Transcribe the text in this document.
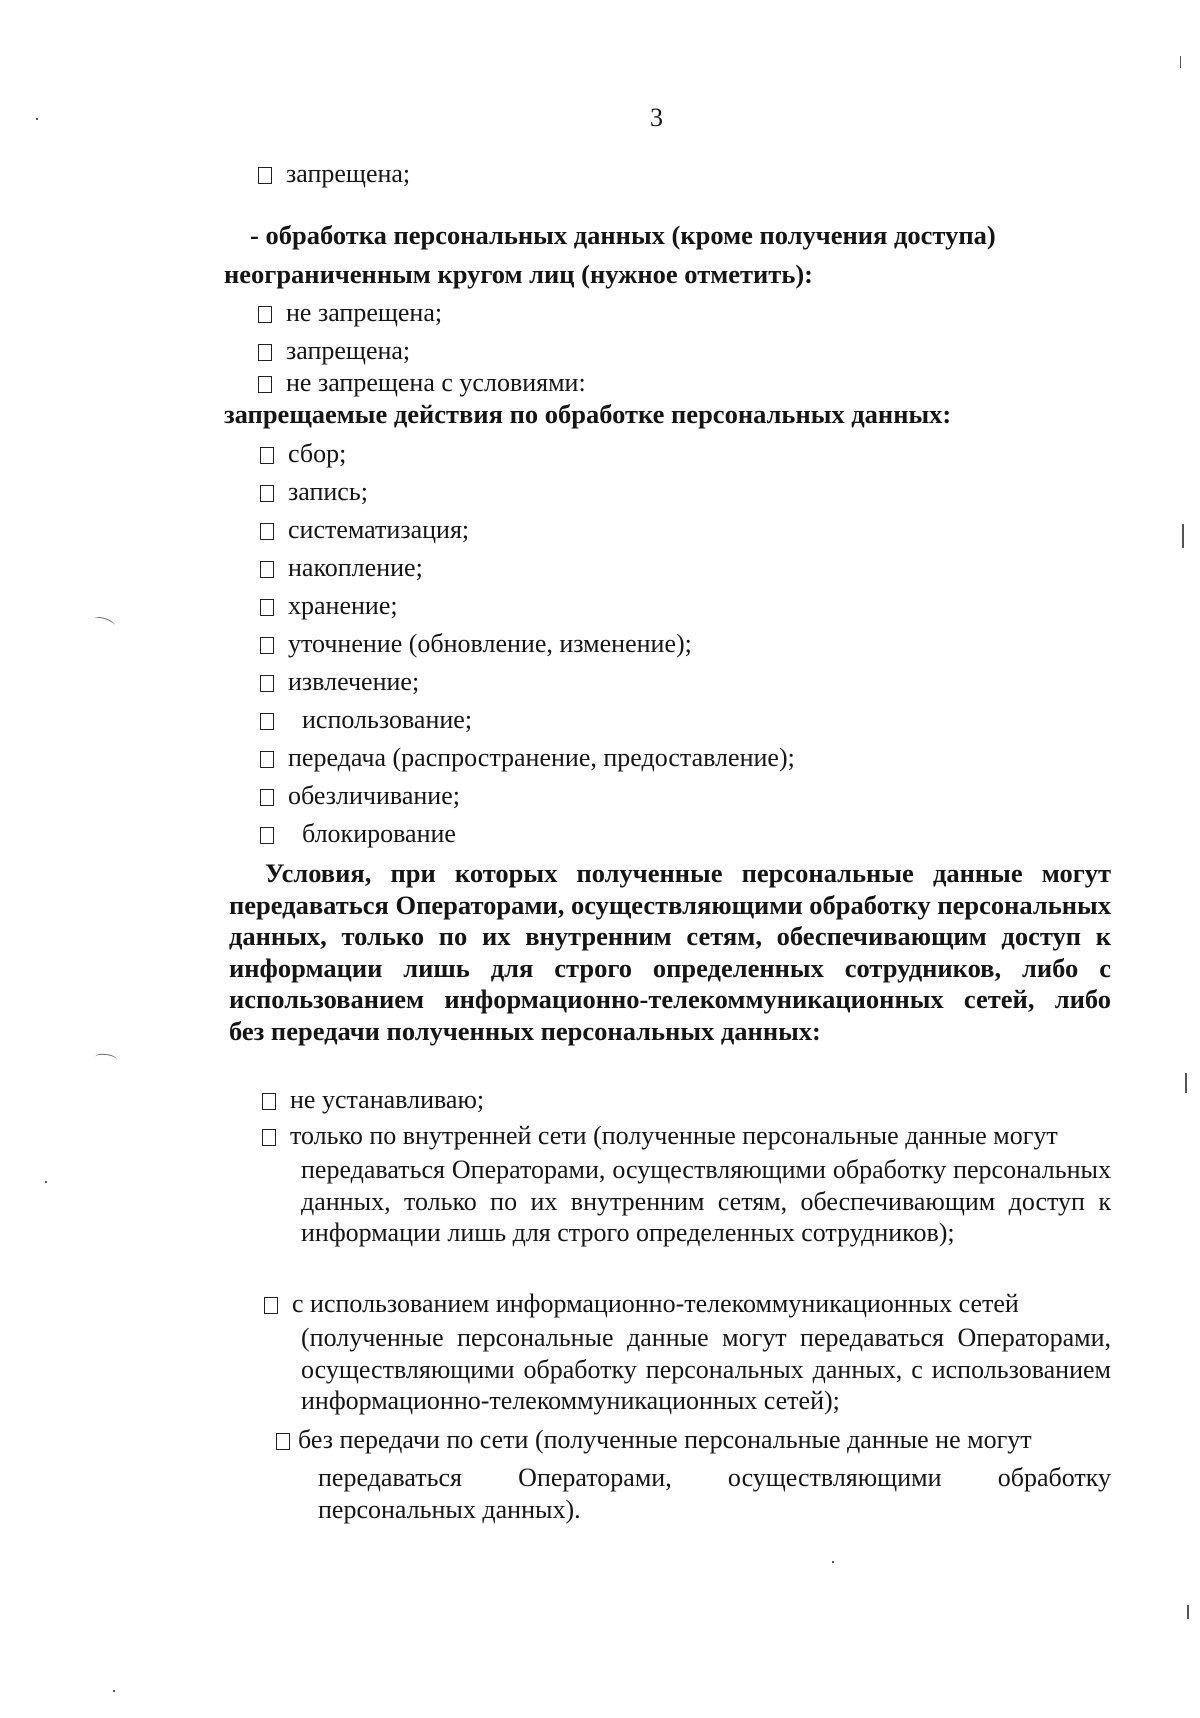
3
запрещена;
- обработка персональных данных (кроме получения доступа)
неограниченным кругом лиц (нужное отметить):
не запрещена;
запрещена;
не запрещена с условиями:
запрещаемые действия по обработке персональных данных:
сбор;
запись;
систематизация;
накопление;
хранение;
уточнение (обновление, изменение);
извлечение;
использование;
передача (распространение, предоставление);
обезличивание;
блокирование
Условия, при которых полученные персональные данные могут передаваться Операторами, осуществляющими обработку персональных данных, только по их внутренним сетям, обеспечивающим доступ к информации лишь для строго определенных сотрудников, либо с использованием информационно-телекоммуникационных сетей, либо без передачи полученных персональных данных:
не устанавливаю;
только по внутренней сети (полученные персональные данные могут
передаваться Операторами, осуществляющими обработку персональных данных, только по их внутренним сетям, обеспечивающим доступ к информации лишь для строго определенных сотрудников);
с использованием информационно-телекоммуникационных сетей
(полученные персональные данные могут передаваться Операторами, осуществляющими обработку персональных данных, с использованием информационно-телекоммуникационных сетей);
без передачи по сети (полученные персональные данные не могут
передаваться Операторами, осуществляющими обработку персональных данных).
